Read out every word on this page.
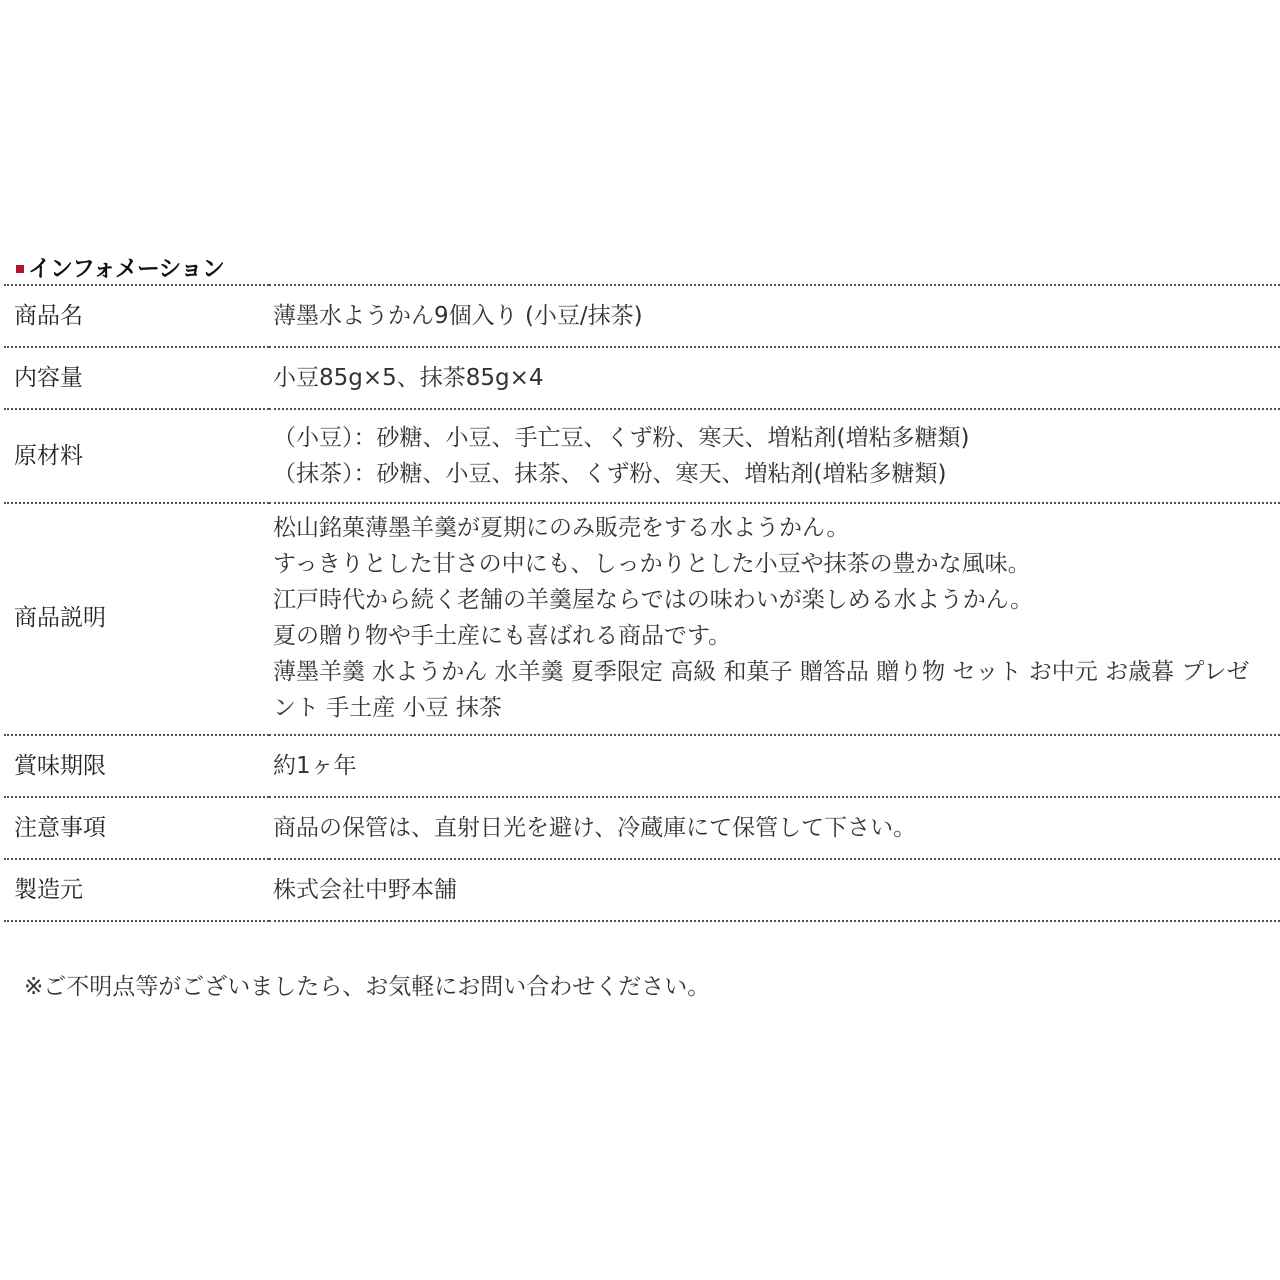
インフォメーション
商品名	薄墨水ようかん9個入り (小豆/抹茶)

内容量	小豆85g×5、抹茶85g×4

原材料	（小豆）：砂糖、小豆、手亡豆、くず粉、寒天、増粘剤(増粘多糖類)
（抹茶）：砂糖、小豆、抹茶、くず粉、寒天、増粘剤(増粘多糖類)

商品説明	松山銘菓薄墨羊羹が夏期にのみ販売をする水ようかん。
すっきりとした甘さの中にも、しっかりとした小豆や抹茶の豊かな風味。
江戸時代から続く老舗の羊羹屋ならではの味わいが楽しめる水ようかん。
夏の贈り物や手土産にも喜ばれる商品です。
薄墨羊羹 水ようかん 水羊羹 夏季限定 高級 和菓子 贈答品 贈り物 セット お中元 お歳暮 プレゼント 手土産 小豆 抹茶

賞味期限	約1ヶ年

注意事項	商品の保管は、直射日光を避け、冷蔵庫にて保管して下さい。

製造元	株式会社中野本舗
※ご不明点等がございましたら、お気軽にお問い合わせください。
